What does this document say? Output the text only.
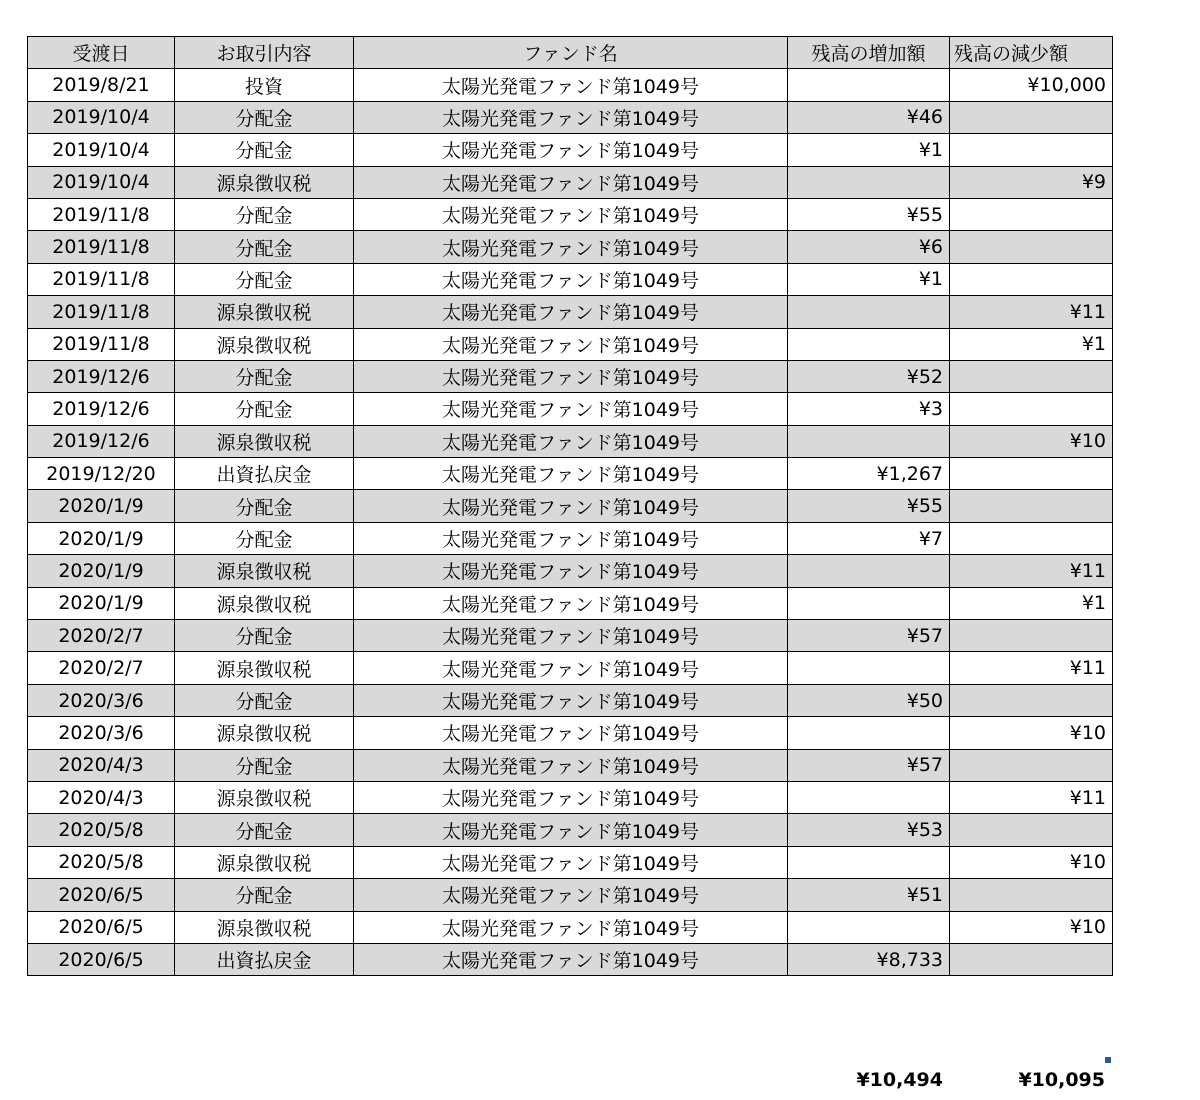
受渡日	お取引内容	ファンド名	残高の増加額	残高の減少額
2019/8/21	投資	太陽光発電ファンド第1049号		¥10,000
2019/10/4	分配金	太陽光発電ファンド第1049号	¥46	
2019/10/4	分配金	太陽光発電ファンド第1049号	¥1	
2019/10/4	源泉徴収税	太陽光発電ファンド第1049号		¥9
2019/11/8	分配金	太陽光発電ファンド第1049号	¥55	
2019/11/8	分配金	太陽光発電ファンド第1049号	¥6	
2019/11/8	分配金	太陽光発電ファンド第1049号	¥1	
2019/11/8	源泉徴収税	太陽光発電ファンド第1049号		¥11
2019/11/8	源泉徴収税	太陽光発電ファンド第1049号		¥1
2019/12/6	分配金	太陽光発電ファンド第1049号	¥52	
2019/12/6	分配金	太陽光発電ファンド第1049号	¥3	
2019/12/6	源泉徴収税	太陽光発電ファンド第1049号		¥10
2019/12/20	出資払戻金	太陽光発電ファンド第1049号	¥1,267	
2020/1/9	分配金	太陽光発電ファンド第1049号	¥55	
2020/1/9	分配金	太陽光発電ファンド第1049号	¥7	
2020/1/9	源泉徴収税	太陽光発電ファンド第1049号		¥11
2020/1/9	源泉徴収税	太陽光発電ファンド第1049号		¥1
2020/2/7	分配金	太陽光発電ファンド第1049号	¥57	
2020/2/7	源泉徴収税	太陽光発電ファンド第1049号		¥11
2020/3/6	分配金	太陽光発電ファンド第1049号	¥50	
2020/3/6	源泉徴収税	太陽光発電ファンド第1049号		¥10
2020/4/3	分配金	太陽光発電ファンド第1049号	¥57	
2020/4/3	源泉徴収税	太陽光発電ファンド第1049号		¥11
2020/5/8	分配金	太陽光発電ファンド第1049号	¥53	
2020/5/8	源泉徴収税	太陽光発電ファンド第1049号		¥10
2020/6/5	分配金	太陽光発電ファンド第1049号	¥51	
2020/6/5	源泉徴収税	太陽光発電ファンド第1049号		¥10
2020/6/5	出資払戻金	太陽光発電ファンド第1049号	¥8,733	
¥10,494	¥10,095
